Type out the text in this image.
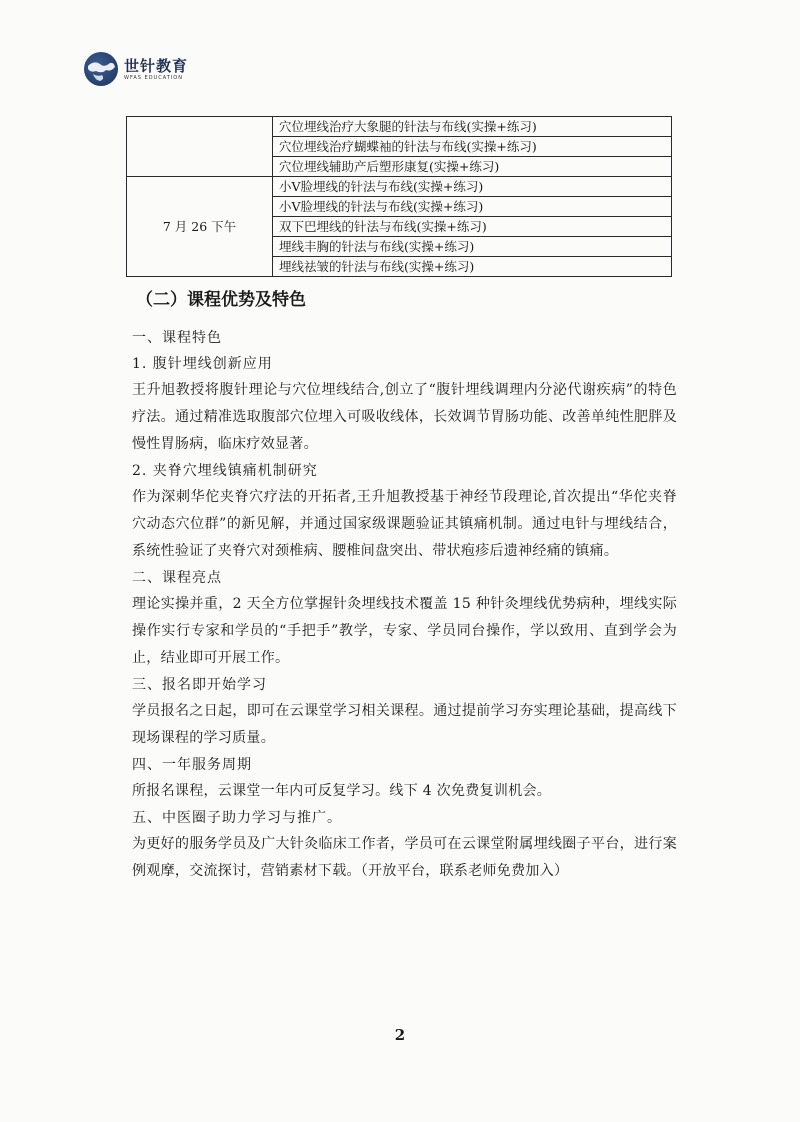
世针教育
WFAS EDUCATION
	穴位埋线治疗大象腿的针法与布线(实操+练习)
	穴位埋线治疗蝴蝶袖的针法与布线(实操+练习)
	穴位埋线辅助产后塑形康复(实操+练习)
7 月 26 下午	小V脸埋线的针法与布线(实操+练习)
	小V脸埋线的针法与布线(实操+练习)
	双下巴埋线的针法与布线(实操+练习)
	埋线丰胸的针法与布线(实操+练习)
	埋线祛皱的针法与布线(实操+练习)
（二）课程优势及特色
一、课程特色
1. 腹针埋线创新应用
王升旭教授将腹针理论与穴位埋线结合,创立了“腹针埋线调理内分泌代谢疾病”的特色疗法。通过精准选取腹部穴位埋入可吸收线体，长效调节胃肠功能、改善单纯性肥胖及慢性胃肠病，临床疗效显著。
2. 夹脊穴埋线镇痛机制研究
作为深刺华佗夹脊穴疗法的开拓者,王升旭教授基于神经节段理论,首次提出“华佗夹脊穴动态穴位群”的新见解，并通过国家级课题验证其镇痛机制。通过电针与埋线结合，系统性验证了夹脊穴对颈椎病、腰椎间盘突出、带状疱疹后遗神经痛的镇痛。
二、课程亮点
理论实操并重，2 天全方位掌握针灸埋线技术覆盖 15 种针灸埋线优势病种，埋线实际操作实行专家和学员的“手把手”教学，专家、学员同台操作，学以致用、直到学会为止，结业即可开展工作。
三、报名即开始学习
学员报名之日起，即可在云课堂学习相关课程。通过提前学习夯实理论基础，提高线下现场课程的学习质量。
四、一年服务周期
所报名课程，云课堂一年内可反复学习。线下 4 次免费复训机会。
五、中医圈子助力学习与推广。
为更好的服务学员及广大针灸临床工作者，学员可在云课堂附属埋线圈子平台，进行案例观摩，交流探讨，营销素材下载。（开放平台，联系老师免费加入）
2
